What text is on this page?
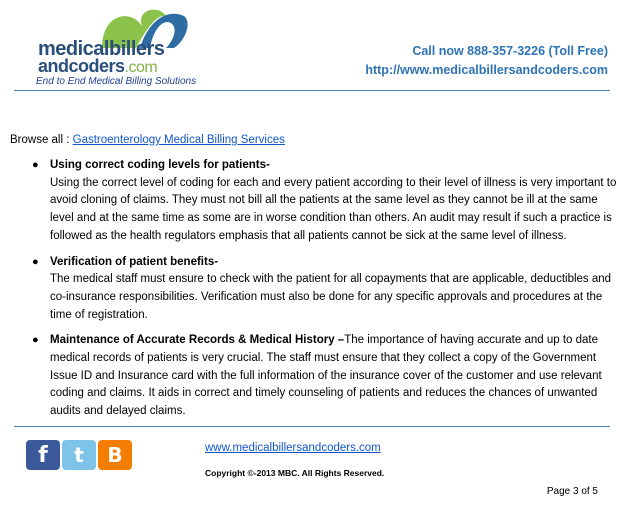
medicalbillers
andcoders.com
End to End Medical Billing Solutions
Call now 888-357-3226 (Toll Free)
http://www.medicalbillersandcoders.com
Browse all : Gastroenterology Medical Billing Services
● Using correct coding levels for patients-
Using the correct level of coding for each and every patient according to their level of illness is very important to avoid cloning of claims. They must not bill all the patients at the same level as they cannot be ill at the same level and at the same time as some are in worse condition than others. An audit may result if such a practice is followed as the health regulators emphasis that all patients cannot be sick at the same level of illness.
● Verification of patient benefits-
The medical staff must ensure to check with the patient for all copayments that are applicable, deductibles and co-insurance responsibilities. Verification must also be done for any specific approvals and procedures at the time of registration.
● Maintenance of Accurate Records & Medical History –The importance of having accurate and up to date medical records of patients is very crucial. The staff must ensure that they collect a copy of the Government Issue ID and Insurance card with the full information of the insurance cover of the customer and use relevant coding and claims. It aids in correct and timely counseling of patients and reduces the chances of unwanted audits and delayed claims.
f	t	B	www.medicalbillersandcoders.com
Copyright ©-2013 MBC. All Rights Reserved.
Page 3 of 5
